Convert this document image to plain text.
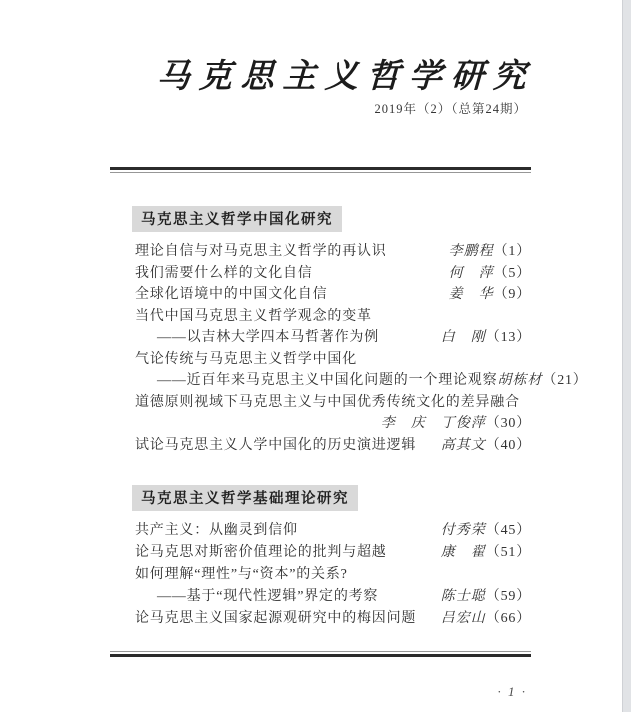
马克思主义哲学研究
2019年（2）（总第24期）
马克思主义哲学中国化研究
理论自信与对马克思主义哲学的再认识	李鹏程 （1）
我们需要什么样的文化自信	何　萍 （5）
全球化语境中的中国文化自信	姜　华 （9）
当代中国马克思主义哲学观念的变革
——以吉林大学四本马哲著作为例	白　刚 （13）
气论传统与马克思主义哲学中国化
——近百年来马克思主义中国化问题的一个理论观察 胡栋材 （21）
道德原则视域下马克思主义与中国优秀传统文化的差异融合
李　庆　丁俊萍 （30）
试论马克思主义人学中国化的历史演进逻辑 高其文 （40）
马克思主义哲学基础理论研究
共产主义：从幽灵到信仰	付秀荣 （45）
论马克思对斯密价值理论的批判与超越	康　翟 （51）
如何理解“理性”与“资本”的关系?
——基于“现代性逻辑”界定的考察	陈士聪 （59）
论马克思主义国家起源观研究中的梅因问题 吕宏山 （66）
· 1 ·
